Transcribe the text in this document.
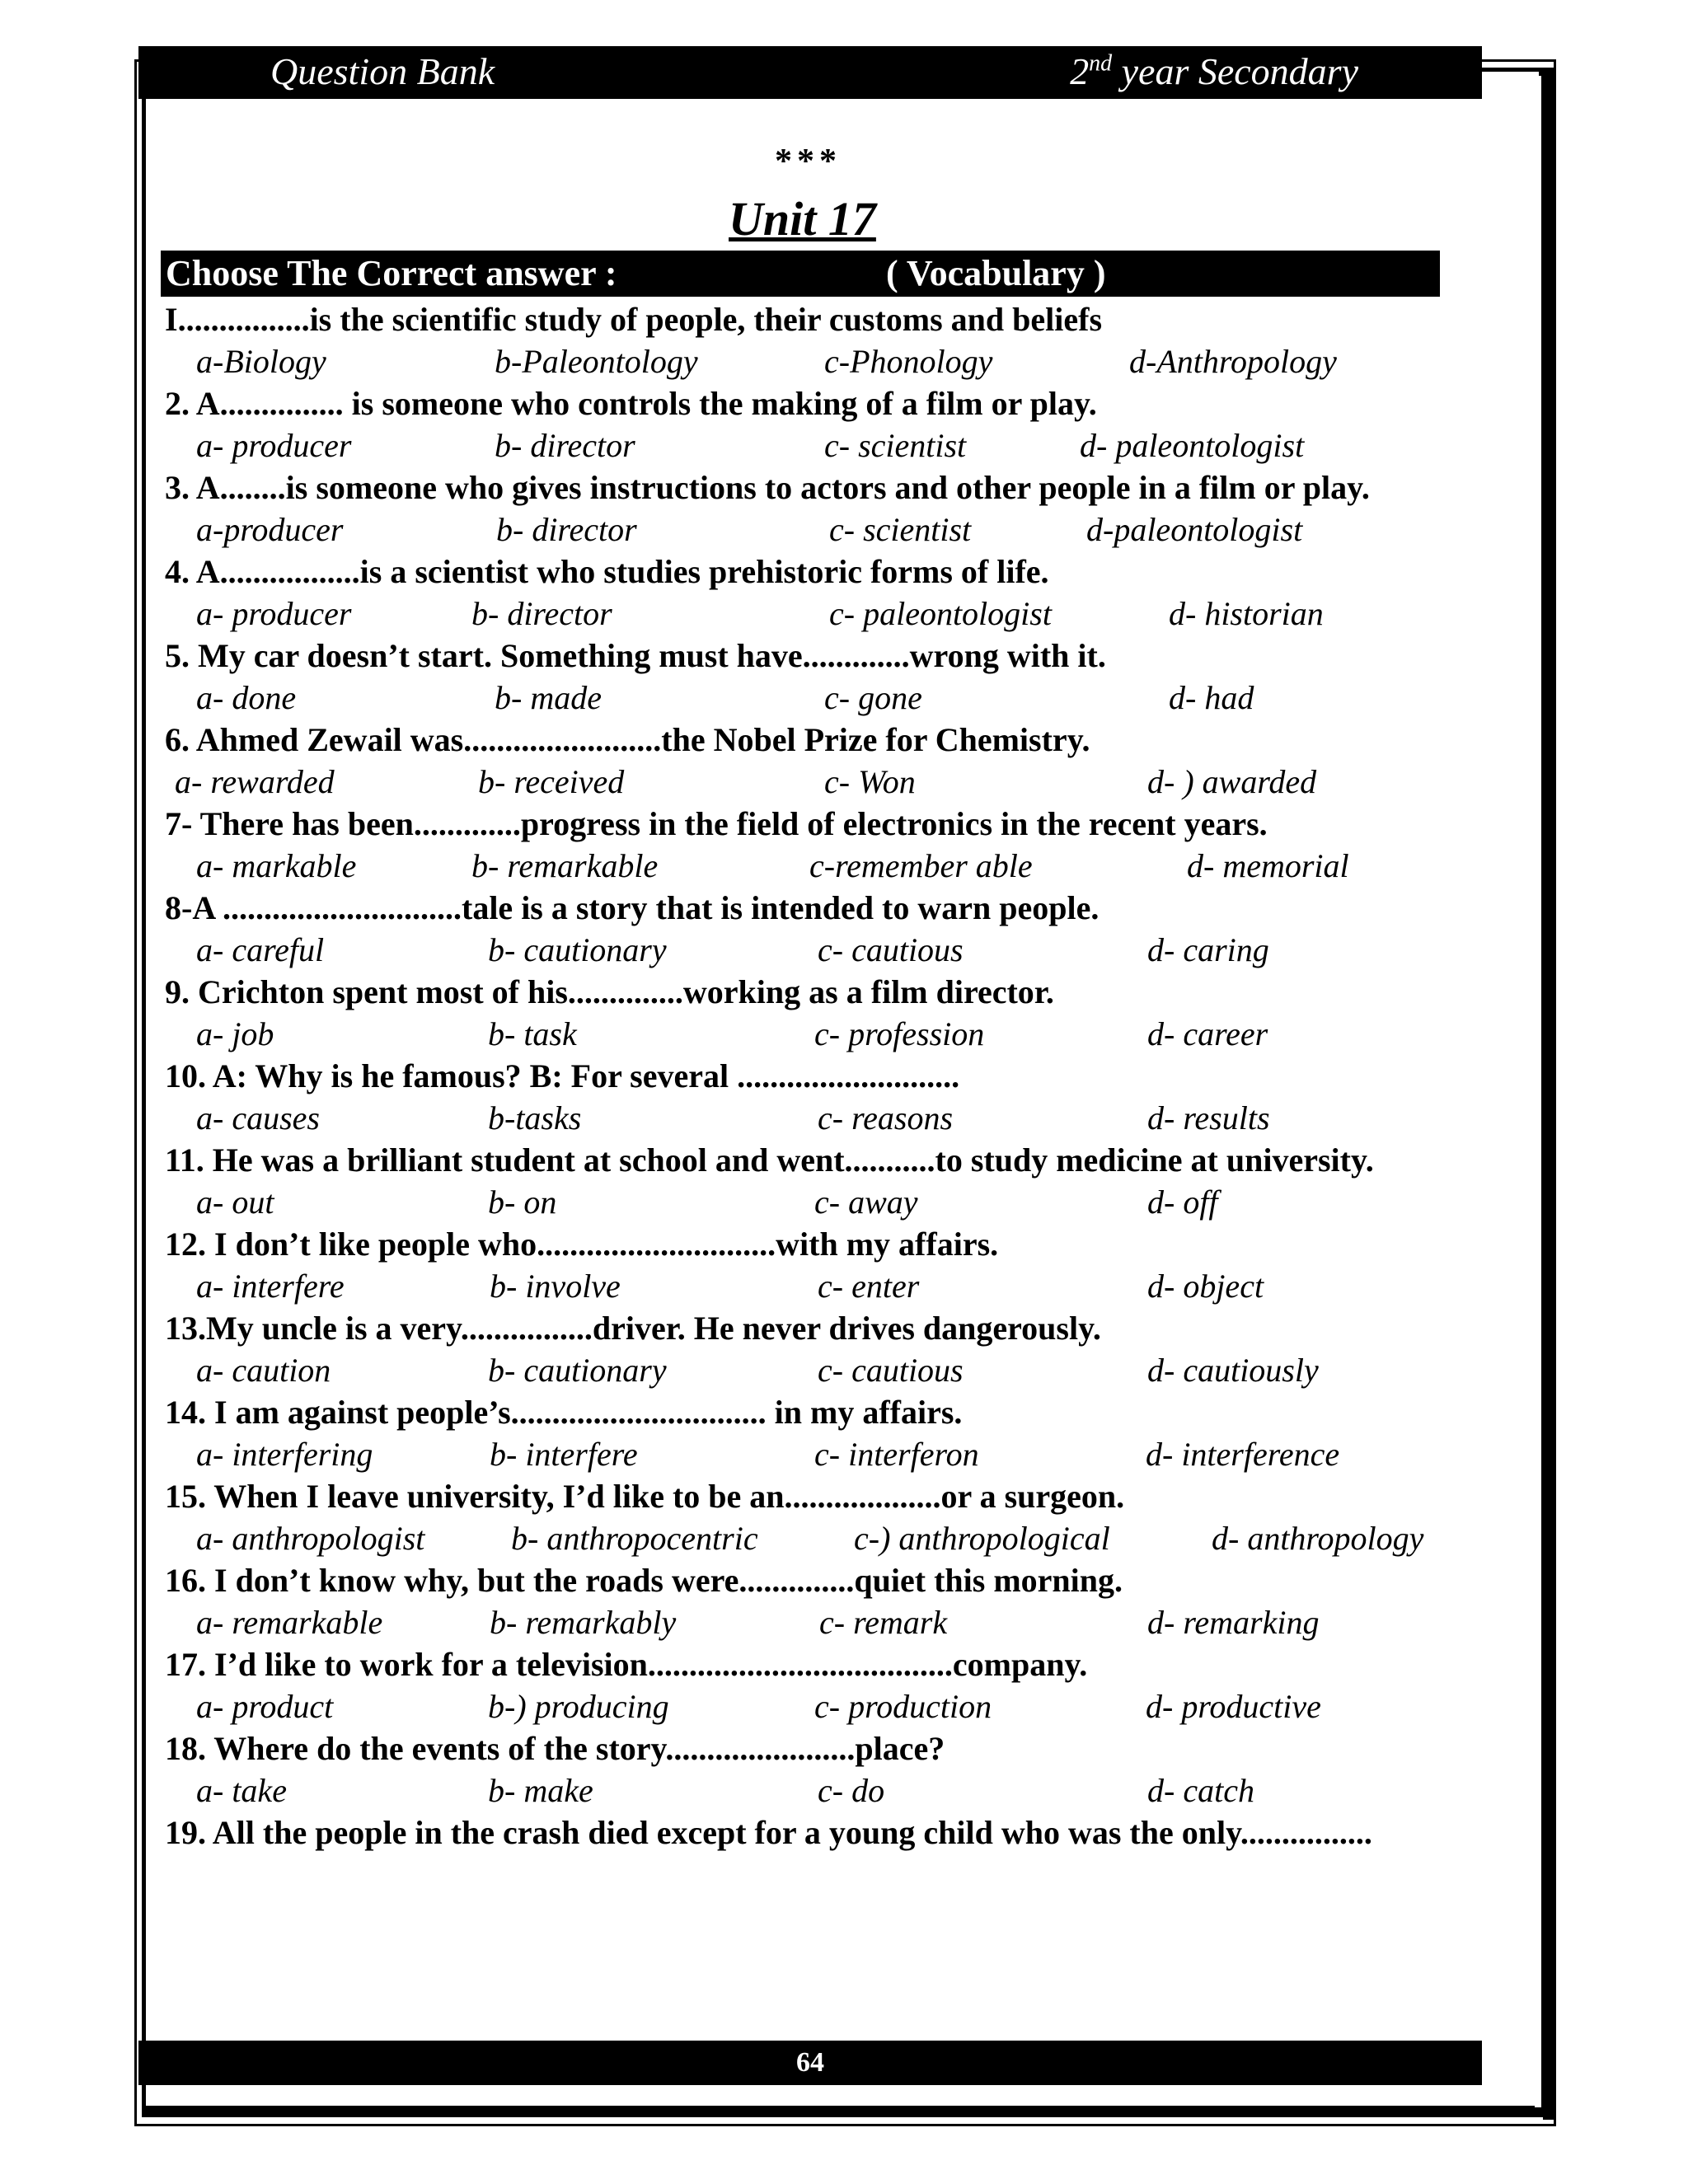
Question Bank	2nd year Secondary
***
Unit 17
Choose The Correct answer :	( Vocabulary )
I................is the scientific study of people, their customs and beliefs
a-Biology	b-Paleontology	c-Phonology	d-Anthropology
2. A............... is someone who controls the making of a film or play.
a- producer	b- director	c- scientist	d- paleontologist
3. A........is someone who gives instructions to actors and other people in a film or play.
a-producer	b- director	c- scientist	d-paleontologist
4. A.................is a scientist who studies prehistoric forms of life.
a- producer	b- director	c- paleontologist	d- historian
5. My car doesn’t start. Something must have.............wrong with it.
a- done	b- made	c- gone	d- had
6. Ahmed Zewail was........................the Nobel Prize for Chemistry.
a- rewarded	b- received	c- Won	d- ) awarded
7- There has been.............progress in the field of electronics in the recent years.
a- markable	b- remarkable	c-remember able	d- memorial
8-A .............................tale is a story that is intended to warn people.
a- careful	b- cautionary	c- cautious	d- caring
9. Crichton spent most of his..............working as a film director.
a- job	b- task	c- profession	d- career
10. A: Why is he famous? B: For several ...........................
a- causes	b-tasks	c- reasons	d- results
11. He was a brilliant student at school and went...........to study medicine at university.
a- out	b- on	c- away	d- off
12. I don’t like people who.............................with my affairs.
a- interfere	b- involve	c- enter	d- object
13.My uncle is a very................driver. He never drives dangerously.
a- caution	b- cautionary	c- cautious	d- cautiously
14. I am against people’s............................... in my affairs.
a- interfering	b- interfere	c- interferon	d- interference
15. When I leave university, I’d like to be an...................or a surgeon.
a- anthropologist	b- anthropocentric	c-) anthropological	d- anthropology
16. I don’t know why, but the roads were..............quiet this morning.
a- remarkable	b- remarkably	c- remark	d- remarking
17. I’d like to work for a television.....................................company.
a- product	b-) producing	c- production	d- productive
18. Where do the events of the story.......................place?
a- take	b- make	c- do	d- catch
19. All the people in the crash died except for a young child who was the only................
64
